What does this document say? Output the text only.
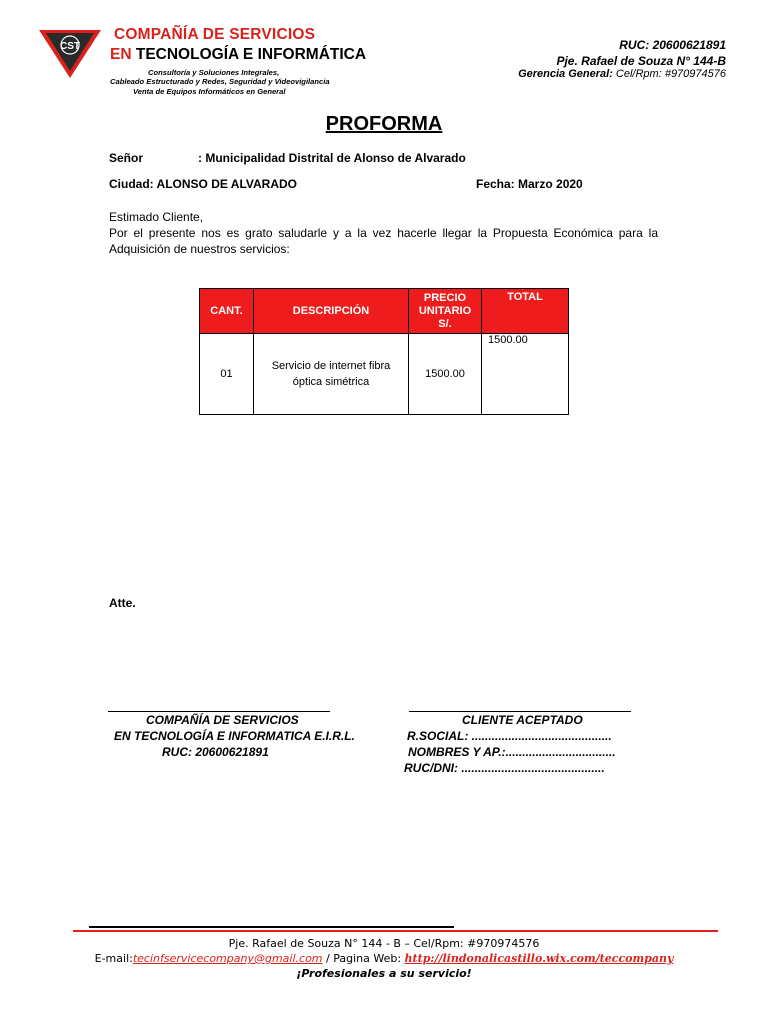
CST
COMPAÑÍA DE SERVICIOS
EN TECNOLOGÍA E INFORMÁTICA
Consultoría y Soluciones Integrales,
Cableado Estructurado y Redes, Seguridad y Videovigilancia
Venta de Equipos Informáticos en General
RUC: 20600621891
Pje. Rafael de Souza N° 144-B
Gerencia General: Cel/Rpm: #970974576
PROFORMA
Señor	: Municipalidad Distrital de Alonso de Alvarado
Ciudad: ALONSO DE ALVARADO	Fecha: Marzo 2020

Estimado Cliente,

Por el presente nos es grato saludarle y a la vez hacerle llegar la Propuesta Económica para la

Adquisición de nuestros servicios:

CANT.	DESCRIPCIÓN	PRECIO
UNITARIO
S/.	TOTAL
01	Servicio de internet fibra
óptica simétrica	1500.00	1500.00
Atte.
COMPAÑÍA DE SERVICIOS
EN TECNOLOGÍA E INFORMATICA E.I.R.L.
RUC: 20600621891
CLIENTE ACEPTADO
R.SOCIAL: ..........................................
NOMBRES Y AP.:.................................
RUC/DNI: ...........................................
Pje. Rafael de Souza N° 144 - B – Cel/Rpm: #970974576
E-mail:tecinfservicecompany@gmail.com / Pagina Web: http://lindonalicastillo.wix.com/teccompany
¡Profesionales a su servicio!
